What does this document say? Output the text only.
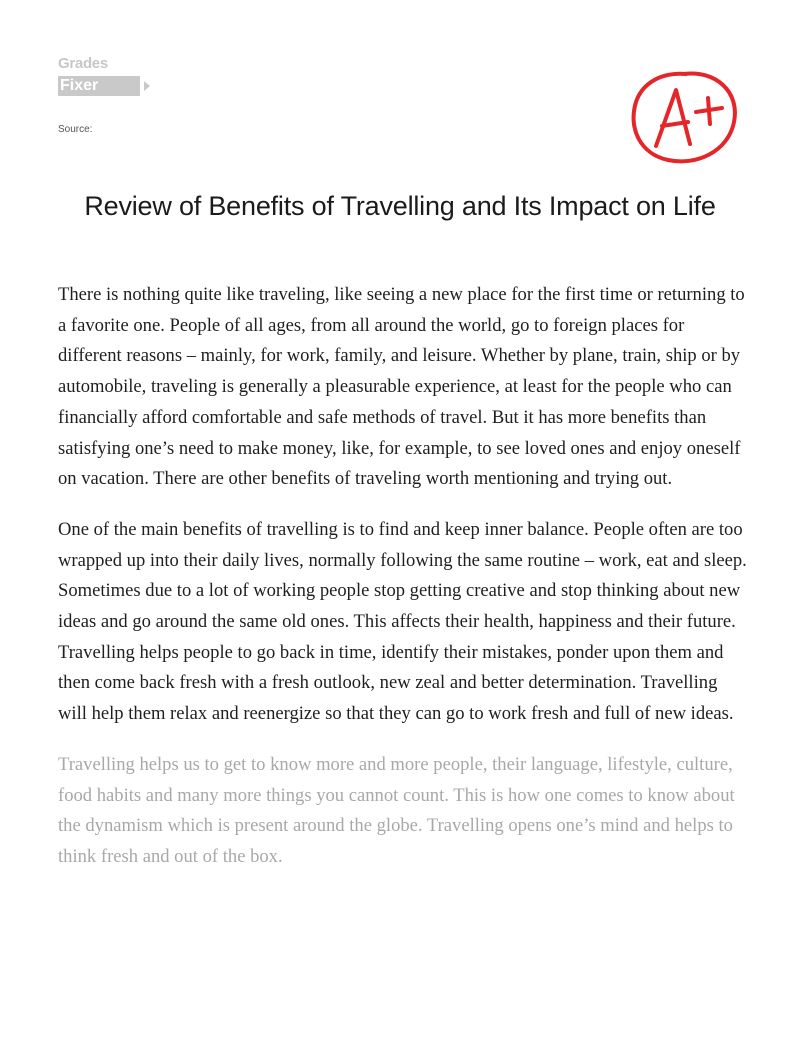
Grades
Fixer
Source:
Review of Benefits of Travelling and Its Impact on Life

There is nothing quite like traveling, like seeing a new place for the first time or returning to a favorite one. People of all ages, from all around the world, go to foreign places for different reasons – mainly, for work, family, and leisure. Whether by plane, train, ship or by automobile, traveling is generally a pleasurable experience, at least for the people who can financially afford comfortable and safe methods of travel. But it has more benefits than satisfying one’s need to make money, like, for example, to see loved ones and enjoy oneself on vacation. There are other benefits of traveling worth mentioning and trying out.

One of the main benefits of travelling is to find and keep inner balance. People often are too wrapped up into their daily lives, normally following the same routine – work, eat and sleep. Sometimes due to a lot of working people stop getting creative and stop thinking about new ideas and go around the same old ones. This affects their health, happiness and their future. Travelling helps people to go back in time, identify their mistakes, ponder upon them and then come back fresh with a fresh outlook, new zeal and better determination. Travelling will help them relax and reenergize so that they can go to work fresh and full of new ideas.

Travelling helps us to get to know more and more people, their language, lifestyle, culture, food habits and many more things you cannot count. This is how one comes to know about the dynamism which is present around the globe. Travelling opens one’s mind and helps to think fresh and out of the box.
